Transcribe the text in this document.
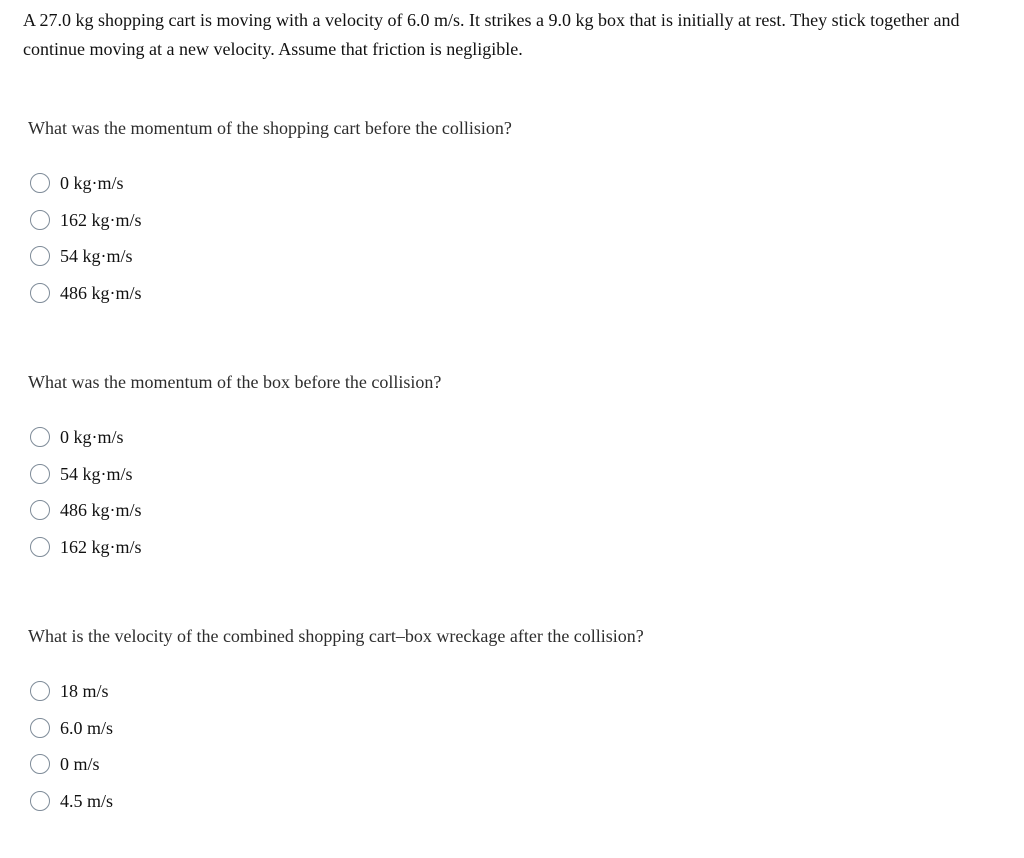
A 27.0 kg shopping cart is moving with a velocity of 6.0 m/s. It strikes a 9.0 kg box that is initially at rest. They stick together and continue moving at a new velocity. Assume that friction is negligible.

What was the momentum of the shopping cart before the collision?

0 kg·m/s
162 kg·m/s
54 kg·m/s
486 kg·m/s

What was the momentum of the box before the collision?

0 kg·m/s
54 kg·m/s
486 kg·m/s
162 kg·m/s

What is the velocity of the combined shopping cart–box wreckage after the collision?

18 m/s
6.0 m/s
0 m/s
4.5 m/s
